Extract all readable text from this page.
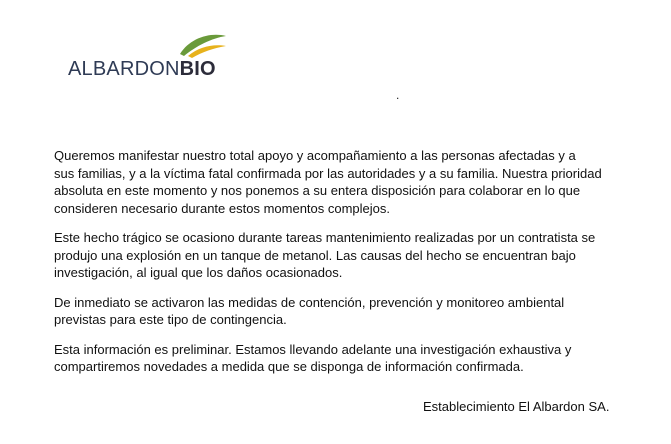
ALBARDONBIO
.

Queremos manifestar nuestro total apoyo y acompañamiento a las personas afectadas y a
sus familias, y a la víctima fatal confirmada por las autoridades y a su familia. Nuestra prioridad
absoluta en este momento y nos ponemos a su entera disposición para colaborar en lo que
consideren necesario durante estos momentos complejos.

Este hecho trágico se ocasiono durante tareas mantenimiento realizadas por un contratista se
produjo una explosión en un tanque de metanol. Las causas del hecho se encuentran bajo
investigación, al igual que los daños ocasionados.

De inmediato se activaron las medidas de contención, prevención y monitoreo ambiental
previstas para este tipo de contingencia.

Esta información es preliminar. Estamos llevando adelante una investigación exhaustiva y
compartiremos novedades a medida que se disponga de información confirmada.

Establecimiento El Albardon SA.
